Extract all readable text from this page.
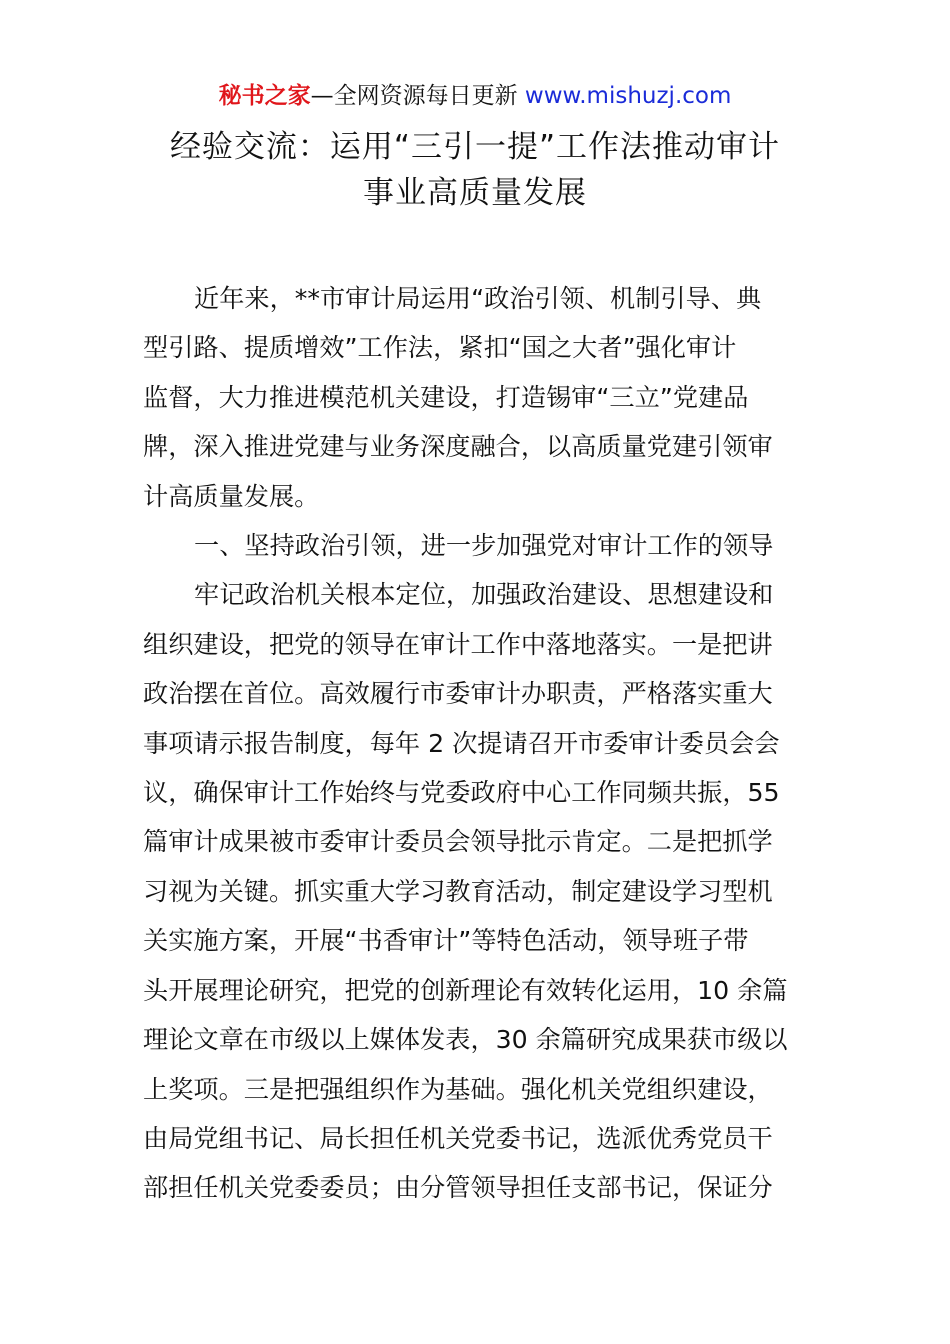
秘书之家—全网资源每日更新 www.mishuzj.com
经验交流：运用“三引一提”工作法推动审计
事业高质量发展
近年来，**市审计局运用“政治引领、机制引导、典
型引路、提质增效”工作法，紧扣“国之大者”强化审计
监督，大力推进模范机关建设，打造锡审“三立”党建品
牌，深入推进党建与业务深度融合，以高质量党建引领审
计高质量发展。
一、坚持政治引领，进一步加强党对审计工作的领导
牢记政治机关根本定位，加强政治建设、思想建设和
组织建设，把党的领导在审计工作中落地落实。一是把讲
政治摆在首位。高效履行市委审计办职责，严格落实重大
事项请示报告制度，每年 2 次提请召开市委审计委员会会
议，确保审计工作始终与党委政府中心工作同频共振，55
篇审计成果被市委审计委员会领导批示肯定。二是把抓学
习视为关键。抓实重大学习教育活动，制定建设学习型机
关实施方案，开展“书香审计”等特色活动，领导班子带
头开展理论研究，把党的创新理论有效转化运用，10 余篇
理论文章在市级以上媒体发表，30 余篇研究成果获市级以
上奖项。三是把强组织作为基础。强化机关党组织建设，
由局党组书记、局长担任机关党委书记，选派优秀党员干
部担任机关党委委员；由分管领导担任支部书记，保证分
